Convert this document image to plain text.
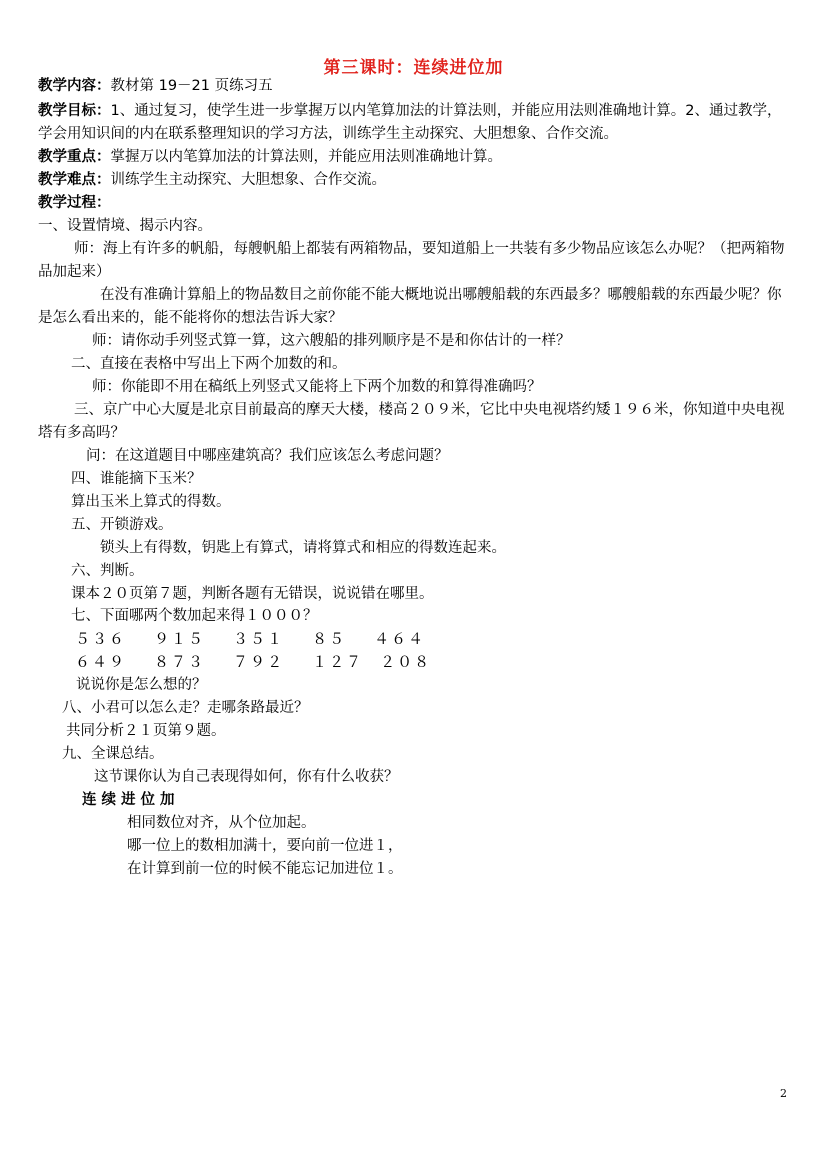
第三课时：连续进位加
教学内容：教材第 19－21 页练习五
教学目标：1、通过复习，使学生进一步掌握万以内笔算加法的计算法则，并能应用法则准确地计算。2、通过教学，
学会用知识间的内在联系整理知识的学习方法，训练学生主动探究、大胆想象、合作交流。
教学重点：掌握万以内笔算加法的计算法则，并能应用法则准确地计算。
教学难点：训练学生主动探究、大胆想象、合作交流。
教学过程：
一、设置情境、揭示内容。
师：海上有许多的帆船，每艘帆船上都装有两箱物品，要知道船上一共装有多少物品应该怎么办呢？（把两箱物
品加起来）
在没有准确计算船上的物品数目之前你能不能大概地说出哪艘船载的东西最多？哪艘船载的东西最少呢？你
是怎么看出来的，能不能将你的想法告诉大家？
师：请你动手列竖式算一算，这六艘船的排列顺序是不是和你估计的一样？
二、直接在表格中写出上下两个加数的和。
师：你能即不用在稿纸上列竖式又能将上下两个加数的和算得准确吗？
三、京广中心大厦是北京目前最高的摩天大楼，楼高２０９米，它比中央电视塔约矮１９６米，你知道中央电视
塔有多高吗？
问：在这道题目中哪座建筑高？我们应该怎么考虑问题？
四、谁能摘下玉米？
算出玉米上算式的得数。
五、开锁游戏。
锁头上有得数，钥匙上有算式，请将算式和相应的得数连起来。
六、判断。
课本２０页第７题，判断各题有无错误，说说错在哪里。
七、下面哪两个数加起来得１０００？
５３６　 ９１５　 ３５１　 ８５　 ４６４
６４９　 ８７３　 ７９２　 １２７　２０８
说说你是怎么想的？
八、小君可以怎么走？走哪条路最近？
共同分析２１页第９题。
九、全课总结。
这节课你认为自己表现得如何，你有什么收获？
连续进位加
相同数位对齐，从个位加起。
哪一位上的数相加满十，要向前一位进１，
在计算到前一位的时候不能忘记加进位１。
2
